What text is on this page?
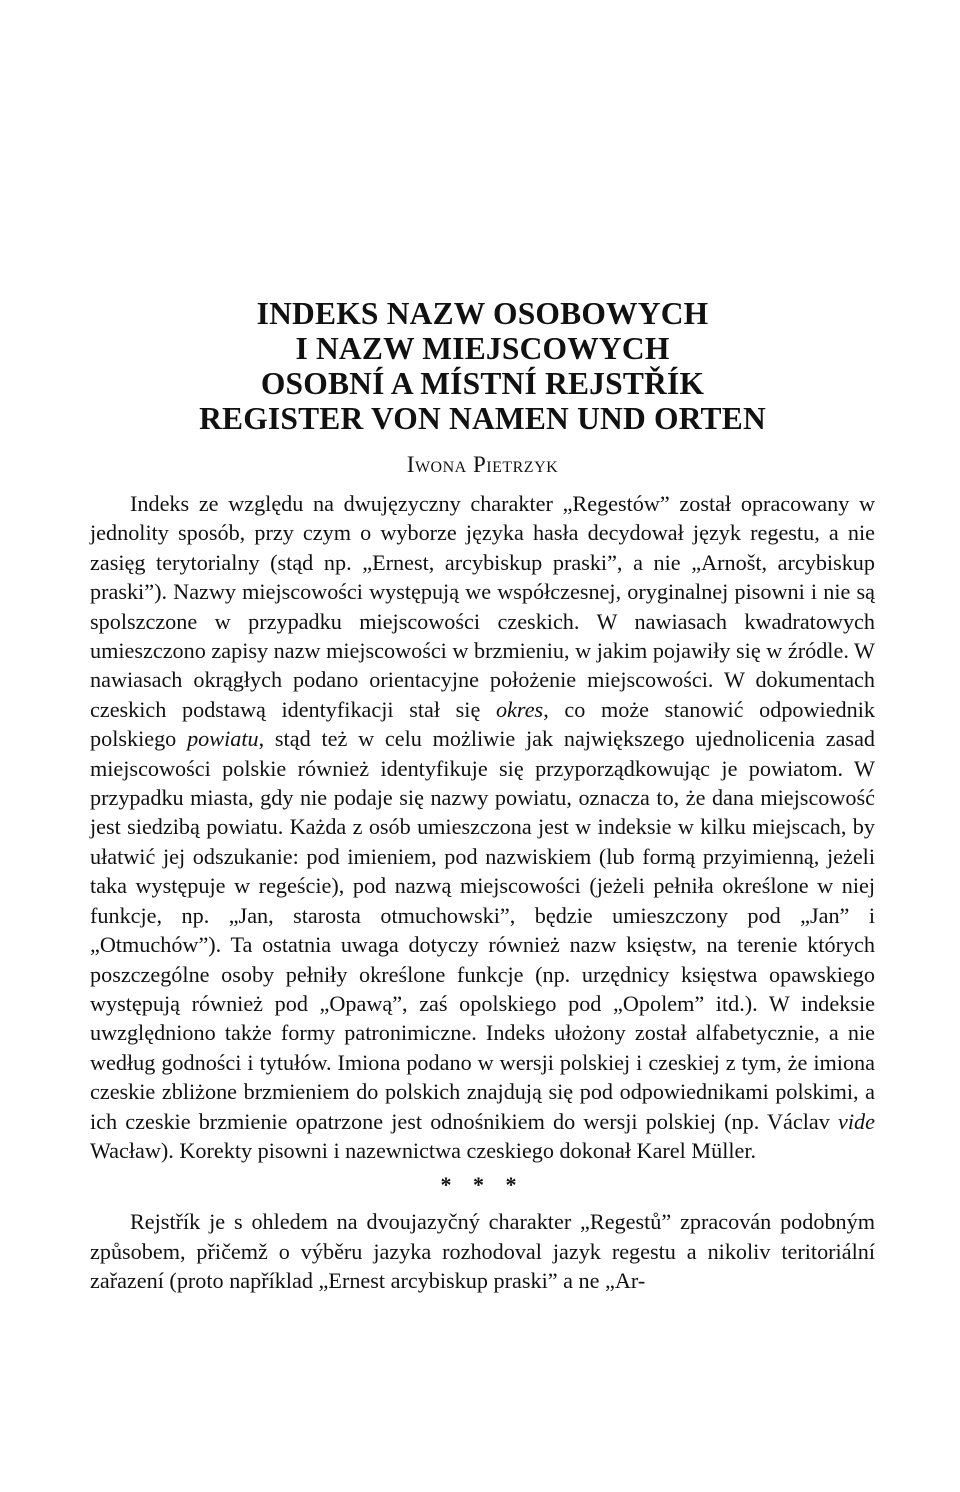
INDEKS NAZW OSOBOWYCH

I NAZW MIEJSCOWYCH

OSOBNÍ A MÍSTNÍ REJSTŘÍK

REGISTER VON NAMEN UND ORTEN

Iwona Pietrzyk

Indeks ze względu na dwujęzyczny charakter „Regestów” został opracowany w jednolity sposób, przy czym o wyborze języka hasła decydował język regestu, a nie zasięg terytorialny (stąd np. „Ernest, arcybiskup praski”, a nie „Arnošt, arcybiskup praski”). Nazwy miejscowości występują we współczesnej, oryginalnej pisowni i nie są spolszczone w przypadku miejscowości czeskich. W nawiasach kwadratowych umieszczono zapisy nazw miejscowości w brzmieniu, w jakim pojawiły się w źródle. W nawiasach okrągłych podano orientacyjne położenie miejscowości. W dokumentach czeskich podstawą identyfikacji stał się okres, co może stanowić odpowiednik polskiego powiatu, stąd też w celu możliwie jak największego ujednolicenia zasad miejscowości polskie również identyfikuje się przyporządkowując je powiatom. W przypadku miasta, gdy nie podaje się nazwy powiatu, oznacza to, że dana miejscowość jest siedzibą powiatu. Każda z osób umieszczona jest w indeksie w kilku miejscach, by ułatwić jej odszukanie: pod imieniem, pod nazwiskiem (lub formą przyimienną, jeżeli taka występuje w regeście), pod nazwą miejscowości (jeżeli pełniła określone w niej funkcje, np. „Jan, starosta otmuchowski”, będzie umieszczony pod „Jan” i „Otmuchów”). Ta ostatnia uwaga dotyczy również nazw księstw, na terenie których poszczególne osoby pełniły określone funkcje (np. urzędnicy księstwa opawskiego występują również pod „Opawą”, zaś opolskiego pod „Opolem” itd.). W indeksie uwzględniono także formy patronimiczne. Indeks ułożony został alfabetycznie, a nie według godności i tytułów. Imiona podano w wersji polskiej i czeskiej z tym, że imiona czeskie zbliżone brzmieniem do polskich znajdują się pod odpowiednikami polskimi, a ich czeskie brzmienie opatrzone jest odnośnikiem do wersji polskiej (np. Václav vide Wacław). Korekty pisowni i nazewnictwa czeskiego dokonał Karel Müller.

* * *

Rejstřík je s ohledem na dvoujazyčný charakter „Regestů” zpracován podobným způsobem, přičemž o výběru jazyka rozhodoval jazyk regestu a nikoliv teritoriální zařazení (proto například „Ernest arcybiskup praski” a ne „Ar-
